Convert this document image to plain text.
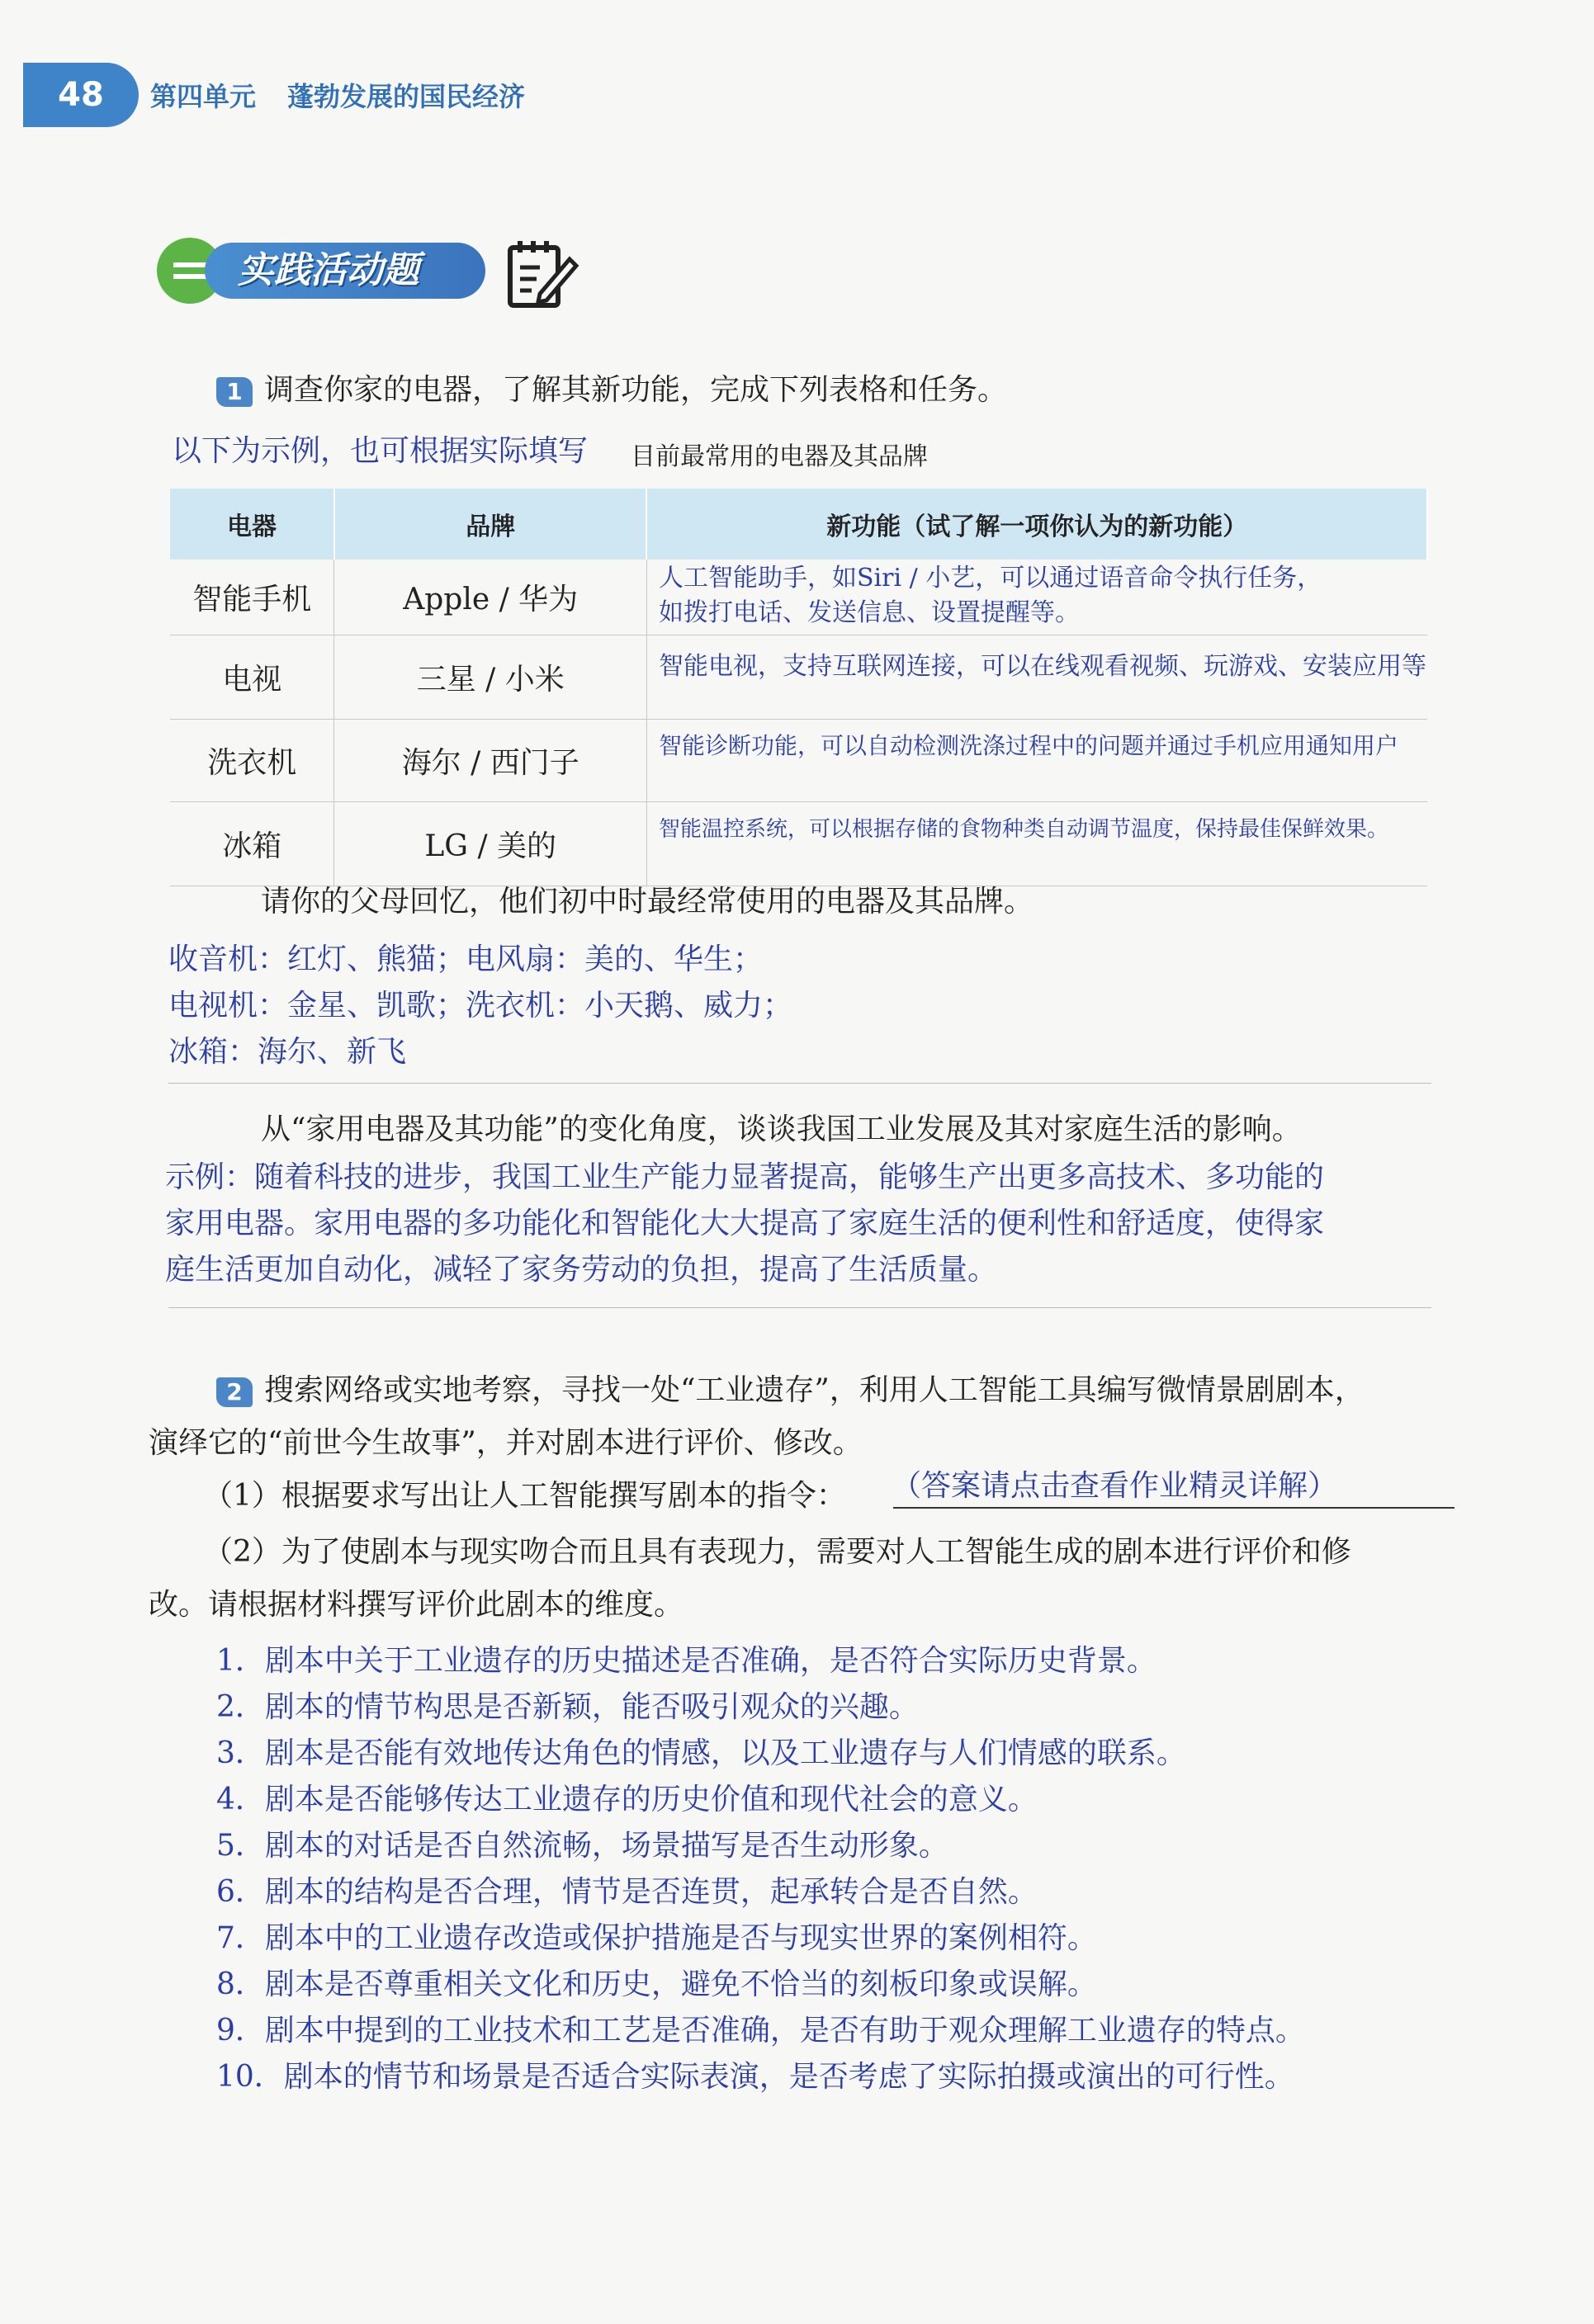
48	第四单元 蓬勃发展的国民经济
实践活动题
1 调查你家的电器，了解其新功能，完成下列表格和任务。
以下为示例，也可根据实际填写 目前最常用的电器及其品牌
电器	品牌	新功能（试了解一项你认为的新功能）
智能手机	Apple / 华为	人工智能助手，如Siri / 小艺，可以通过语音命令执行任务，
如拨打电话、发送信息、设置提醒等。

电视	三星 / 小米	智能电视，支持互联网连接，可以在线观看视频、玩游戏、安装应用等
洗衣机	海尔 / 西门子	智能诊断功能，可以自动检测洗涤过程中的问题并通过手机应用通知用户
冰箱	LG / 美的	智能温控系统，可以根据存储的食物种类自动调节温度，保持最佳保鲜效果。
请你的父母回忆，他们初中时最经常使用的电器及其品牌。
收音机：红灯、熊猫；电风扇：美的、华生；
电视机：金星、凯歌；洗衣机：小天鹅、威力；
冰箱：海尔、新飞
从“家用电器及其功能”的变化角度，谈谈我国工业发展及其对家庭生活的影响。
示例：随着科技的进步，我国工业生产能力显著提高，能够生产出更多高技术、多功能的
家用电器。家用电器的多功能化和智能化大大提高了家庭生活的便利性和舒适度，使得家
庭生活更加自动化，减轻了家务劳动的负担，提高了生活质量。
2 搜索网络或实地考察，寻找一处“工业遗存”，利用人工智能工具编写微情景剧剧本，
演绎它的“前世今生故事”，并对剧本进行评价、修改。
（1）根据要求写出让人工智能撰写剧本的指令： （答案请点击查看作业精灵详解）
（2）为了使剧本与现实吻合而且具有表现力，需要对人工智能生成的剧本进行评价和修
改。请根据材料撰写评价此剧本的维度。
1．剧本中关于工业遗存的历史描述是否准确，是否符合实际历史背景。
2．剧本的情节构思是否新颖，能否吸引观众的兴趣。
3．剧本是否能有效地传达角色的情感，以及工业遗存与人们情感的联系。
4．剧本是否能够传达工业遗存的历史价值和现代社会的意义。
5．剧本的对话是否自然流畅，场景描写是否生动形象。
6．剧本的结构是否合理，情节是否连贯，起承转合是否自然。
7．剧本中的工业遗存改造或保护措施是否与现实世界的案例相符。
8．剧本是否尊重相关文化和历史，避免不恰当的刻板印象或误解。
9．剧本中提到的工业技术和工艺是否准确，是否有助于观众理解工业遗存的特点。
10．剧本的情节和场景是否适合实际表演，是否考虑了实际拍摄或演出的可行性。
